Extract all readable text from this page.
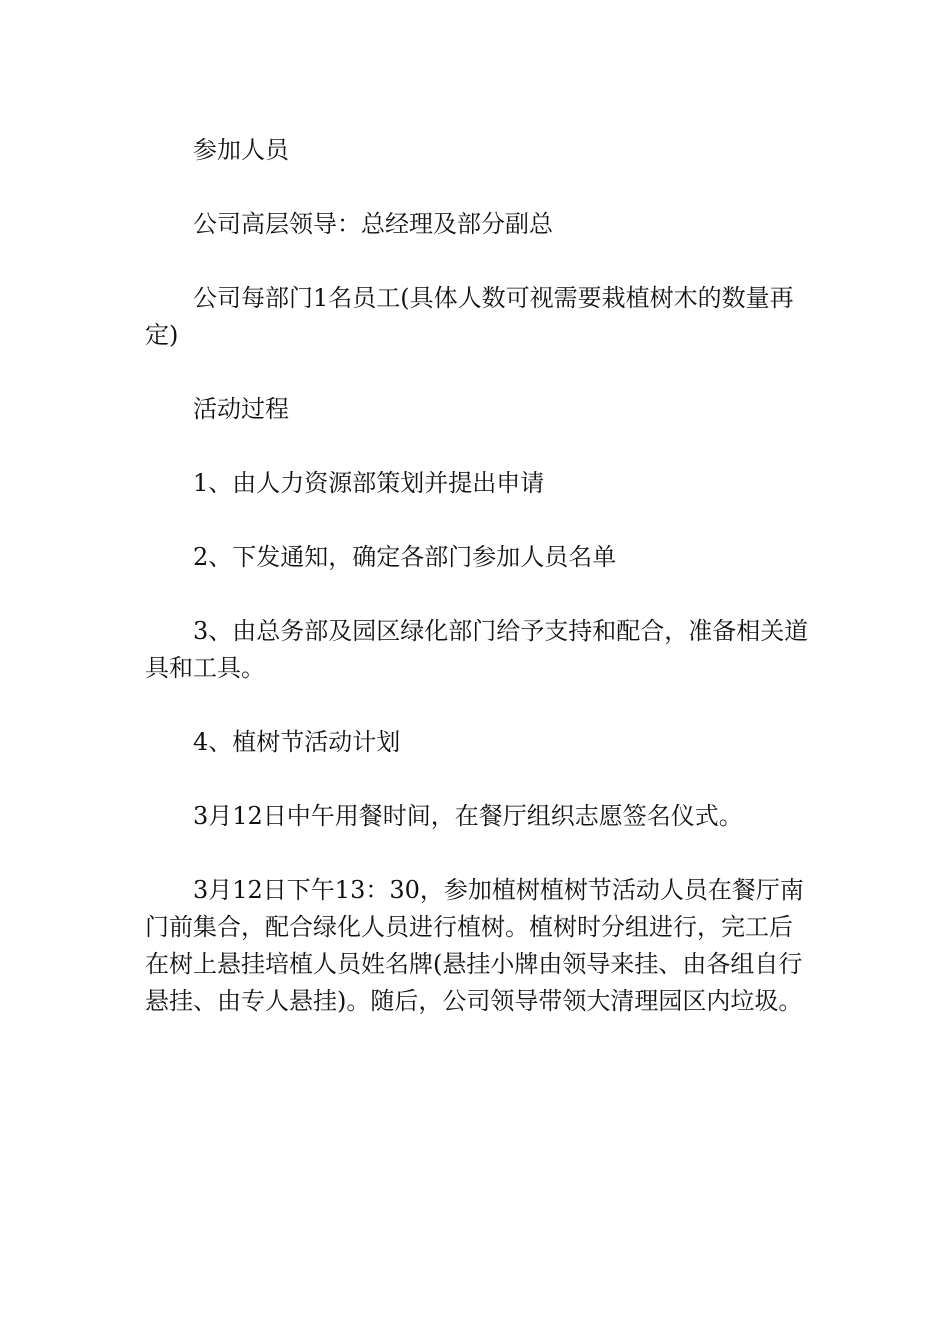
参加人员

公司高层领导：总经理及部分副总

公司每部门1名员工(具体人数可视需要栽植树木的数量再定)

活动过程

1、由人力资源部策划并提出申请

2、下发通知，确定各部门参加人员名单

3、由总务部及园区绿化部门给予支持和配合，准备相关道具和工具。

4、植树节活动计划

3月12日中午用餐时间，在餐厅组织志愿签名仪式。

3月12日下午13：30，参加植树植树节活动人员在餐厅南门前集合，配合绿化人员进行植树。植树时分组进行，完工后在树上悬挂培植人员姓名牌(悬挂小牌由领导来挂、由各组自行悬挂、由专人悬挂)。随后，公司领导带领大清理园区内垃圾。
